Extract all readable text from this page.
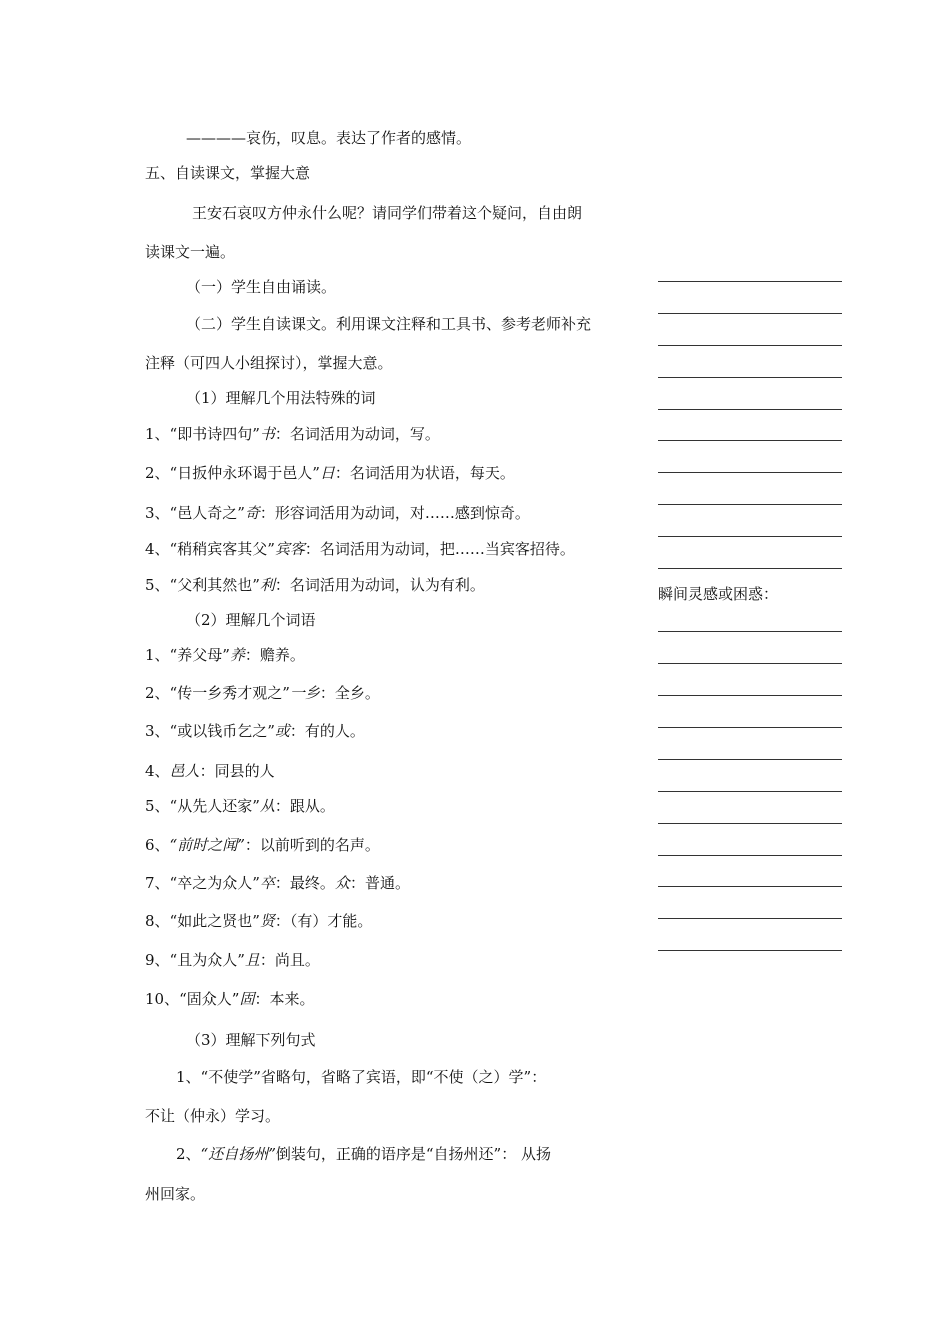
————哀伤，叹息。表达了作者的感情。
五、自读课文，掌握大意
王安石哀叹方仲永什么呢？请同学们带着这个疑问，自由朗
读课文一遍。
（一）学生自由诵读。
（二）学生自读课文。利用课文注释和工具书、参考老师补充
注释（可四人小组探讨），掌握大意。
（1）理解几个用法特殊的词
1、“即书诗四句”书：名词活用为动词，写。
2、“日扳仲永环谒于邑人”日：名词活用为状语，每天。
3、“邑人奇之”奇：形容词活用为动词，对……感到惊奇。
4、“稍稍宾客其父”宾客：名词活用为动词，把……当宾客招待。
5、“父利其然也”利：名词活用为动词，认为有利。
（2）理解几个词语
1、“养父母”养：赡养。
2、“传一乡秀才观之”一乡：全乡。
3、“或以钱币乞之”或：有的人。
4、邑人：同县的人
5、“从先人还家”从：跟从。
6、“前时之闻”：以前听到的名声。
7、“卒之为众人”卒：最终。众：普通。
8、“如此之贤也”贤：（有）才能。
9、“且为众人”且：尚且。
10、“固众人”固：本来。
（3）理解下列句式
1、“不使学”省略句，省略了宾语，即“不使（之）学”：
不让（仲永）学习。
2、“还自扬州”倒装句，正确的语序是“自扬州还”： 从扬
州回家。
瞬间灵感或困惑：
